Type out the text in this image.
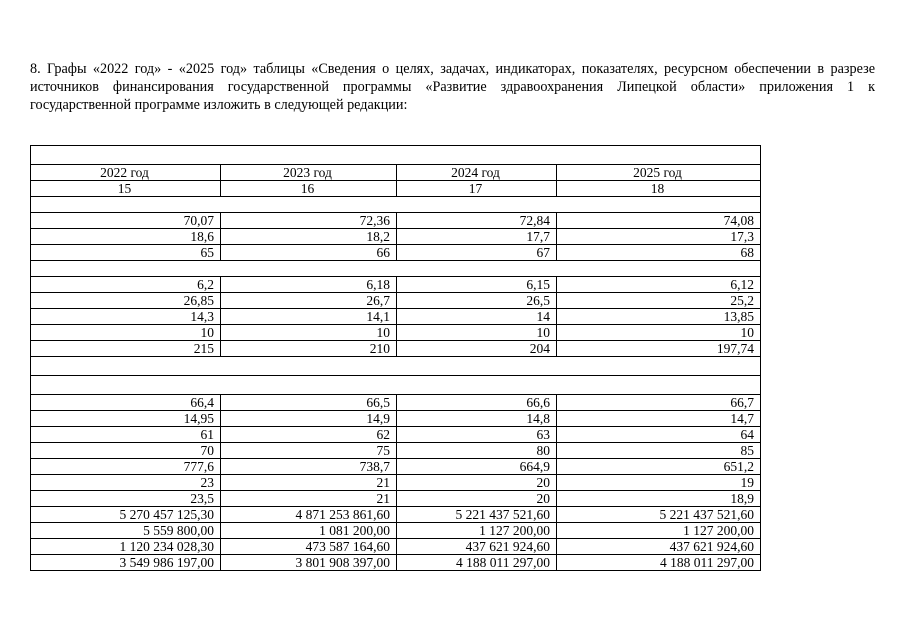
8. Графы «2022 год» - «2025 год» таблицы «Сведения о целях, задачах, индикаторах, показателях, ресурсном обеспечении в разрезе источников финансирования государственной программы «Развитие здравоохранения Липецкой области» приложения 1 к государственной программе изложить в следующей редакции:

2022 год	2023 год	2024 год	2025 год
15	16	17	18

70,07	72,36	72,84	74,08
18,6	18,2	17,7	17,3
65	66	67	68

6,2	6,18	6,15	6,12
26,85	26,7	26,5	25,2
14,3	14,1	14	13,85
10	10	10	10
215	210	204	197,74

66,4	66,5	66,6	66,7
14,95	14,9	14,8	14,7
61	62	63	64
70	75	80	85
777,6	738,7	664,9	651,2
23	21	20	19
23,5	21	20	18,9
5 270 457 125,30	4 871 253 861,60	5 221 437 521,60	5 221 437 521,60
5 559 800,00	1 081 200,00	1 127 200,00	1 127 200,00
1 120 234 028,30	473 587 164,60	437 621 924,60	437 621 924,60
3 549 986 197,00	3 801 908 397,00	4 188 011 297,00	4 188 011 297,00
